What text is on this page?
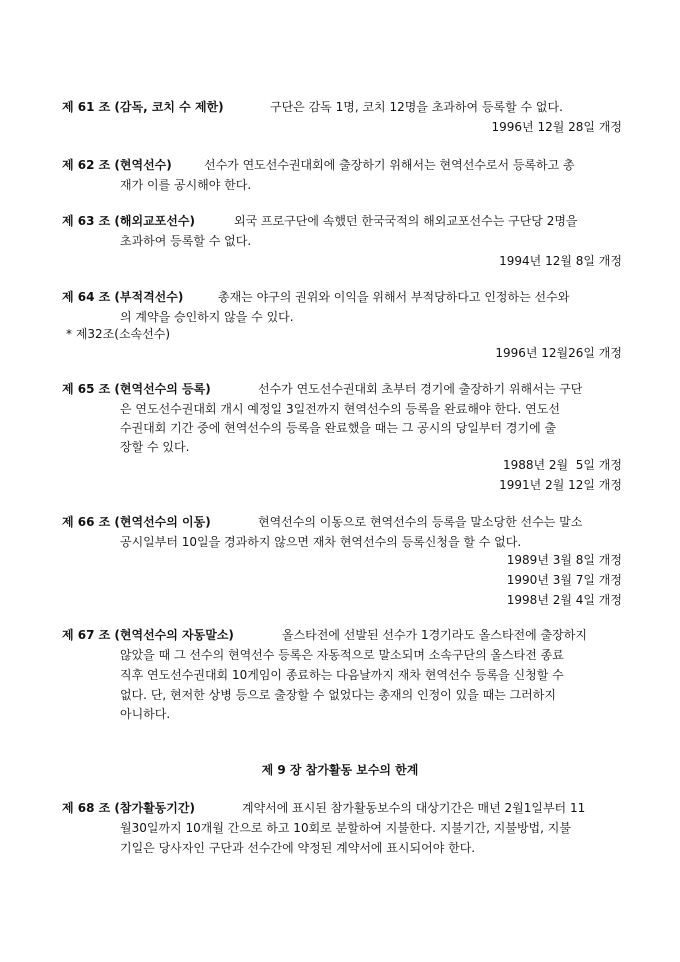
제 61 조 (감독, 코치 수 제한)	구단은 감독 1명, 코치 12명을 초과하여 등록할 수 없다.
1996년 12월 28일 개정
제 62 조 (현역선수)	선수가 연도선수권대회에 출장하기 위해서는 현역선수로서 등록하고 총
재가 이를 공시해야 한다.
제 63 조 (해외교포선수)	외국 프로구단에 속했던 한국국적의 해외교포선수는 구단당 2명을
초과하여 등록할 수 없다.
1994년 12월 8일 개정
제 64 조 (부적격선수)	총재는 야구의 권위와 이익을 위해서 부적당하다고 인정하는 선수와
의 계약을 승인하지 않을 수 있다.
1996년 12월26일 개정
* 제32조(소속선수)
제 65 조 (현역선수의 등록)	선수가 연도선수권대회 초부터 경기에 출장하기 위해서는 구단
은 연도선수권대회 개시 예정일 3일전까지 현역선수의 등록을 완료해야 한다. 연도선
수권대회 기간 중에 현역선수의 등록을 완료했을 때는 그 공시의 당일부터 경기에 출
장할 수 있다.
1988년 2월  5일 개정
1991년 2월 12일 개정
제 66 조 (현역선수의 이동)	현역선수의 이동으로 현역선수의 등록을 말소당한 선수는 말소
공시일부터 10일을 경과하지 않으면 재차 현역선수의 등록신청을 할 수 없다.
1989년 3월 8일 개정
1990년 3월 7일 개정
1998년 2월 4일 개정
제 67 조 (현역선수의 자동말소)	올스타전에 선발된 선수가 1경기라도 올스타전에 출장하지
않았을 때 그 선수의 현역선수 등록은 자동적으로 말소되며 소속구단의 올스타전 종료
직후 연도선수권대회 10게임이 종료하는 다음날까지 재차 현역선수 등록을 신청할 수
없다. 단, 현저한 상병 등으로 출장할 수 없었다는 총재의 인정이 있을 때는 그러하지
아니하다.
제 9 장 참가활동 보수의 한계
제 68 조 (참가활동기간)	계약서에 표시된 참가활동보수의 대상기간은 매년 2월1일부터 11
월30일까지 10개월 간으로 하고 10회로 분할하여 지불한다. 지불기간, 지불방법, 지불
기일은 당사자인 구단과 선수간에 약정된 계약서에 표시되어야 한다.
